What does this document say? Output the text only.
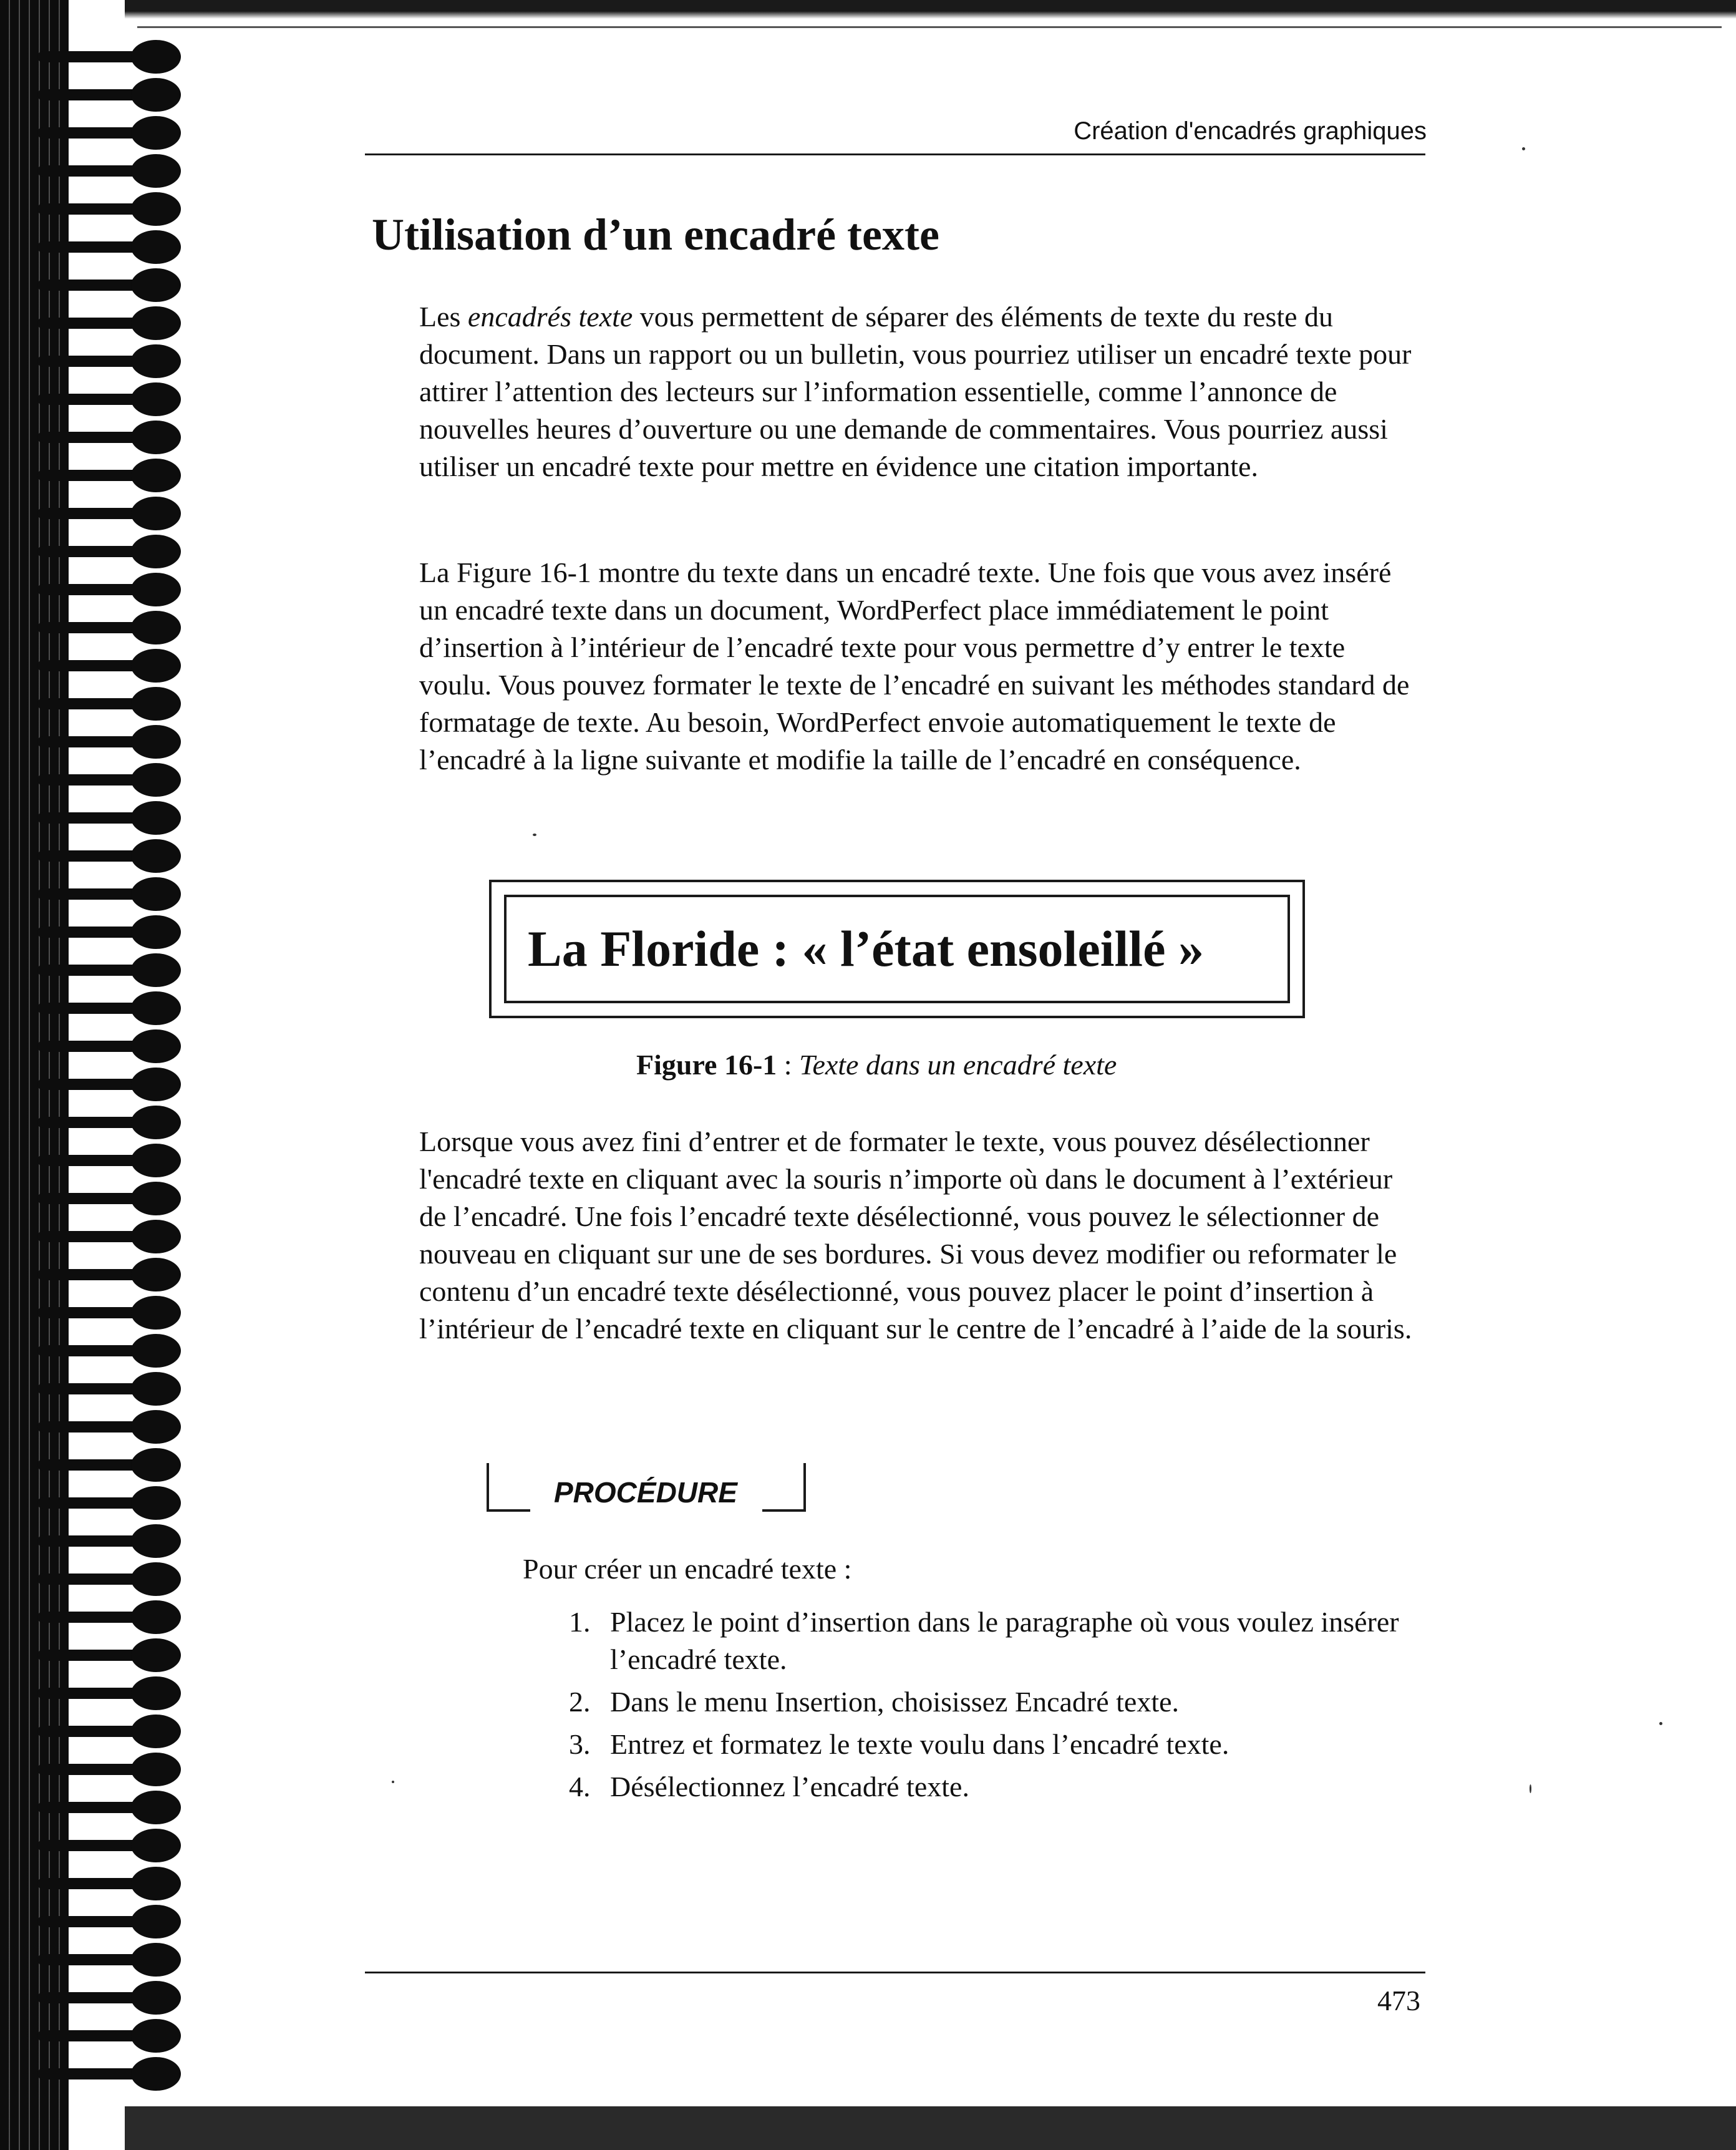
Création d'encadrés graphiques
Utilisation d’un encadré texte

Les encadrés texte vous permettent de séparer des éléments de texte du reste du document. Dans un rapport ou un bulletin, vous pourriez utiliser un encadré texte pour attirer l’attention des lecteurs sur l’information essentielle, comme l’annonce de nouvelles heures d’ouverture ou une demande de commentaires. Vous pourriez aussi utiliser un encadré texte pour mettre en évidence une citation importante.

La Figure 16-1 montre du texte dans un encadré texte. Une fois que vous avez inséré un encadré texte dans un document, WordPerfect place immédiatement le point d’insertion à l’intérieur de l’encadré texte pour vous permettre d’y entrer le texte voulu. Vous pouvez formater le texte de l’encadré en suivant les méthodes standard de formatage de texte. Au besoin, WordPerfect envoie automatiquement le texte de l’encadré à la ligne suivante et modifie la taille de l’encadré en conséquence.

La Floride : « l’état ensoleillé »
Figure 16-1 : Texte dans un encadré texte

Lorsque vous avez fini d’entrer et de formater le texte, vous pouvez désélectionner l'encadré texte en cliquant avec la souris n’importe où dans le document à l’extérieur de l’encadré. Une fois l’encadré texte désélectionné, vous pouvez le sélectionner de nouveau en cliquant sur une de ses bordures. Si vous devez modifier ou reformater le contenu d’un encadré texte désélectionné, vous pouvez placer le point d’insertion à l’intérieur de l’encadré texte en cliquant sur le centre de l’encadré à l’aide de la souris.

PROCÉDURE
Pour créer un encadré texte :
1. Placez le point d’insertion dans le paragraphe où vous voulez insérer l’encadré texte.
2. Dans le menu Insertion, choisissez Encadré texte.
3. Entrez et formatez le texte voulu dans l’encadré texte.
4. Désélectionnez l’encadré texte.
473
